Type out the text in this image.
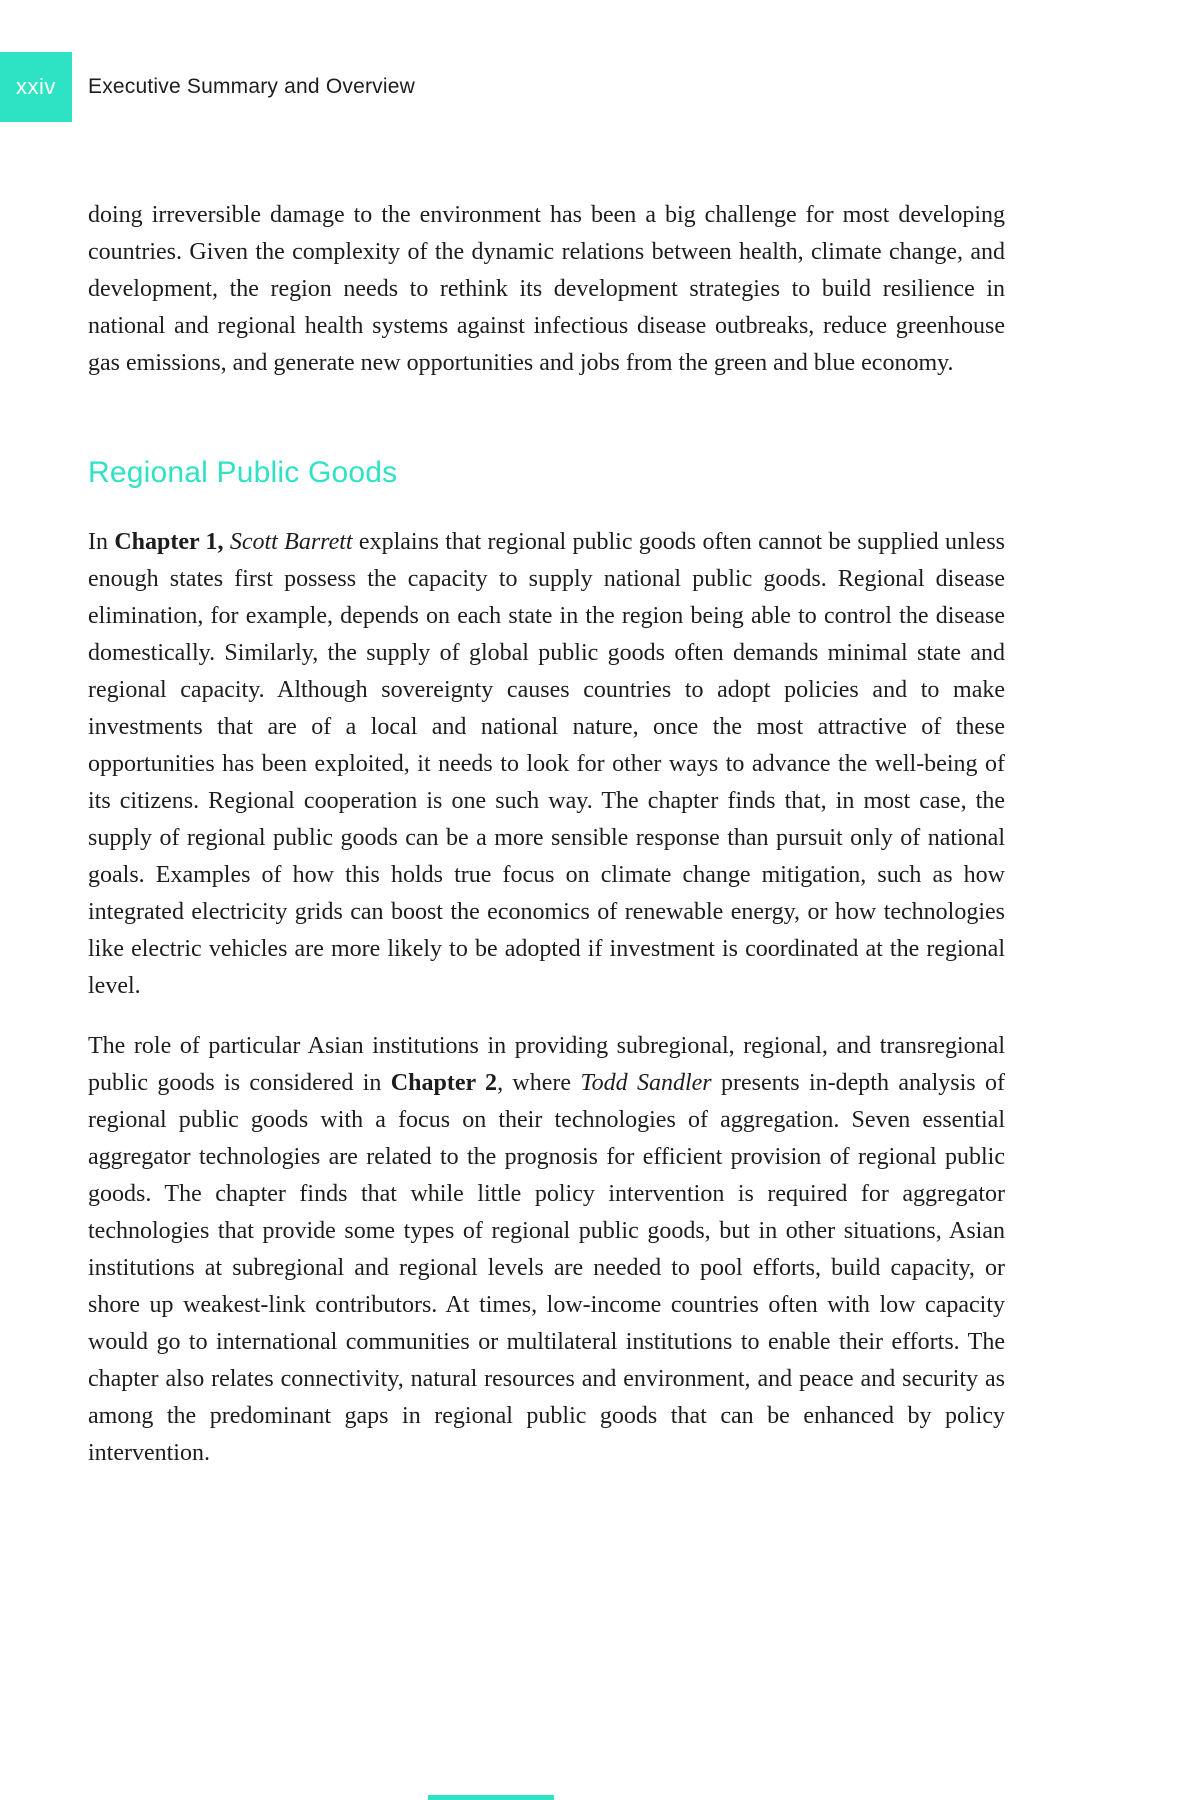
xxiv Executive Summary and Overview

doing irreversible damage to the environment has been a big challenge for most developing countries. Given the complexity of the dynamic relations between health, climate change, and development, the region needs to rethink its development strategies to build resilience in national and regional health systems against infectious disease outbreaks, reduce greenhouse gas emissions, and generate new opportunities and jobs from the green and blue economy.

Regional Public Goods

In Chapter 1, Scott Barrett explains that regional public goods often cannot be supplied unless enough states first possess the capacity to supply national public goods. Regional disease elimination, for example, depends on each state in the region being able to control the disease domestically. Similarly, the supply of global public goods often demands minimal state and regional capacity. Although sovereignty causes countries to adopt policies and to make investments that are of a local and national nature, once the most attractive of these opportunities has been exploited, it needs to look for other ways to advance the well-being of its citizens. Regional cooperation is one such way. The chapter finds that, in most case, the supply of regional public goods can be a more sensible response than pursuit only of national goals. Examples of how this holds true focus on climate change mitigation, such as how integrated electricity grids can boost the economics of renewable energy, or how technologies like electric vehicles are more likely to be adopted if investment is coordinated at the regional level.

The role of particular Asian institutions in providing subregional, regional, and transregional public goods is considered in Chapter 2, where Todd Sandler presents in-depth analysis of regional public goods with a focus on their technologies of aggregation. Seven essential aggregator technologies are related to the prognosis for efficient provision of regional public goods. The chapter finds that while little policy intervention is required for aggregator technologies that provide some types of regional public goods, but in other situations, Asian institutions at subregional and regional levels are needed to pool efforts, build capacity, or shore up weakest-link contributors. At times, low-income countries often with low capacity would go to international communities or multilateral institutions to enable their efforts. The chapter also relates connectivity, natural resources and environment, and peace and security as among the predominant gaps in regional public goods that can be enhanced by policy intervention.
